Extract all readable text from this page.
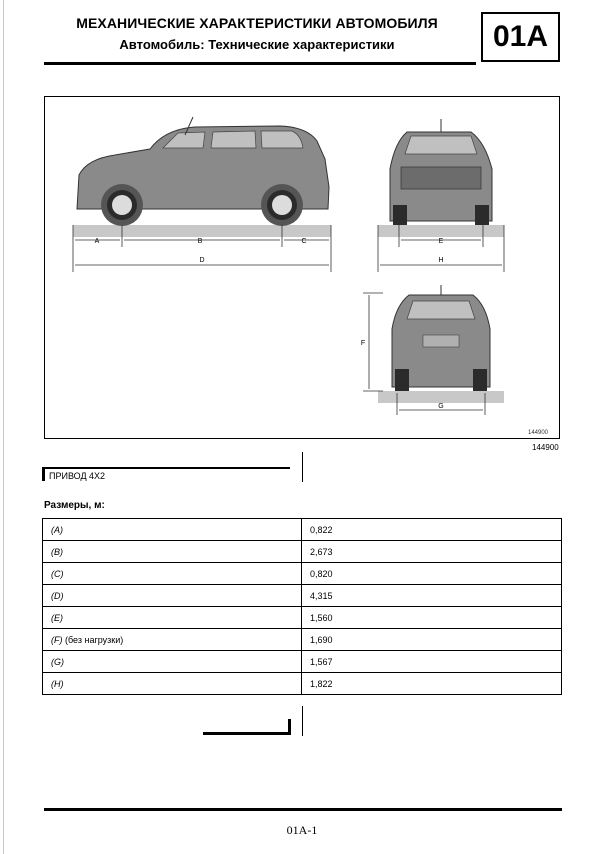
МЕХАНИЧЕСКИЕ ХАРАКТЕРИСТИКИ АВТОМОБИЛЯ
Автомобиль: Технические характеристики	01A
A	B	C
D
E
H
F
G
144900
144900
ПРИВОД 4X2
Размеры, м:
(A)	0,822
(B)	2,673
(C)	0,820
(D)	4,315
(E)	1,560
(F) (без нагрузки)	1,690
(G)	1,567
(H)	1,822
01A-1
